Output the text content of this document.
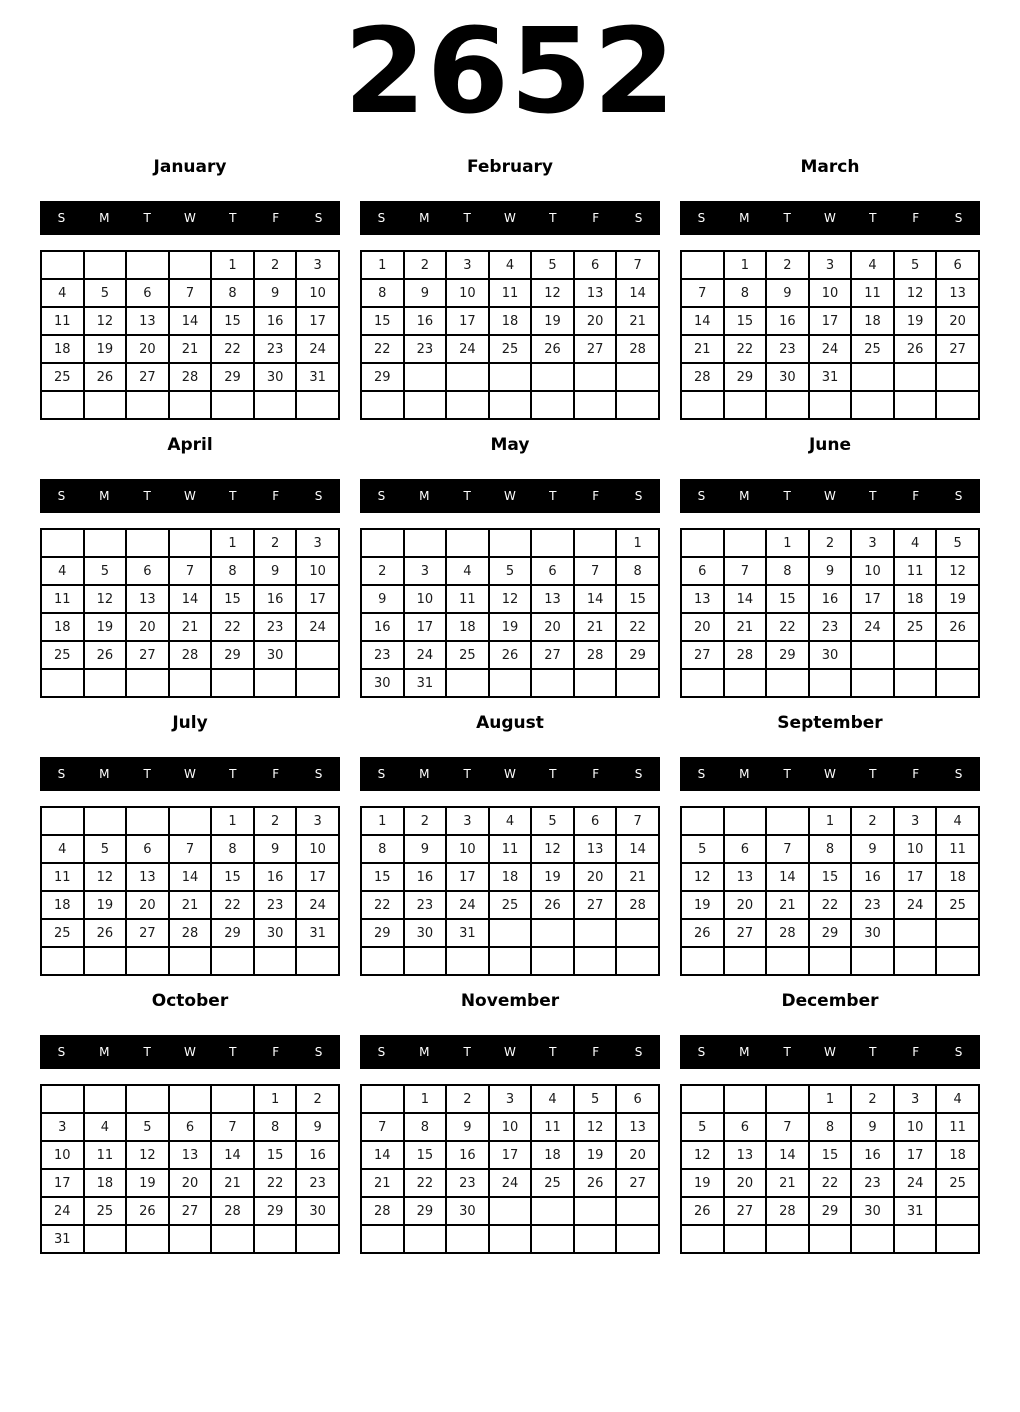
2652
January
S	M	T	W	T	F	S
				1	2	3
4	5	6	7	8	9	10
11	12	13	14	15	16	17
18	19	20	21	22	23	24
25	26	27	28	29	30	31

February
S	M	T	W	T	F	S
1	2	3	4	5	6	7
8	9	10	11	12	13	14
15	16	17	18	19	20	21
22	23	24	25	26	27	28
29						

March
S	M	T	W	T	F	S
	1	2	3	4	5	6
7	8	9	10	11	12	13
14	15	16	17	18	19	20
21	22	23	24	25	26	27
28	29	30	31			

April
S	M	T	W	T	F	S
				1	2	3
4	5	6	7	8	9	10
11	12	13	14	15	16	17
18	19	20	21	22	23	24
25	26	27	28	29	30	

May
S	M	T	W	T	F	S
						1
2	3	4	5	6	7	8
9	10	11	12	13	14	15
16	17	18	19	20	21	22
23	24	25	26	27	28	29
30	31					
June
S	M	T	W	T	F	S
		1	2	3	4	5
6	7	8	9	10	11	12
13	14	15	16	17	18	19
20	21	22	23	24	25	26
27	28	29	30			

July
S	M	T	W	T	F	S
				1	2	3
4	5	6	7	8	9	10
11	12	13	14	15	16	17
18	19	20	21	22	23	24
25	26	27	28	29	30	31

August
S	M	T	W	T	F	S
1	2	3	4	5	6	7
8	9	10	11	12	13	14
15	16	17	18	19	20	21
22	23	24	25	26	27	28
29	30	31				

September
S	M	T	W	T	F	S
			1	2	3	4
5	6	7	8	9	10	11
12	13	14	15	16	17	18
19	20	21	22	23	24	25
26	27	28	29	30		

October
S	M	T	W	T	F	S
					1	2
3	4	5	6	7	8	9
10	11	12	13	14	15	16
17	18	19	20	21	22	23
24	25	26	27	28	29	30
31						
November
S	M	T	W	T	F	S
	1	2	3	4	5	6
7	8	9	10	11	12	13
14	15	16	17	18	19	20
21	22	23	24	25	26	27
28	29	30				

December
S	M	T	W	T	F	S
			1	2	3	4
5	6	7	8	9	10	11
12	13	14	15	16	17	18
19	20	21	22	23	24	25
26	27	28	29	30	31	
